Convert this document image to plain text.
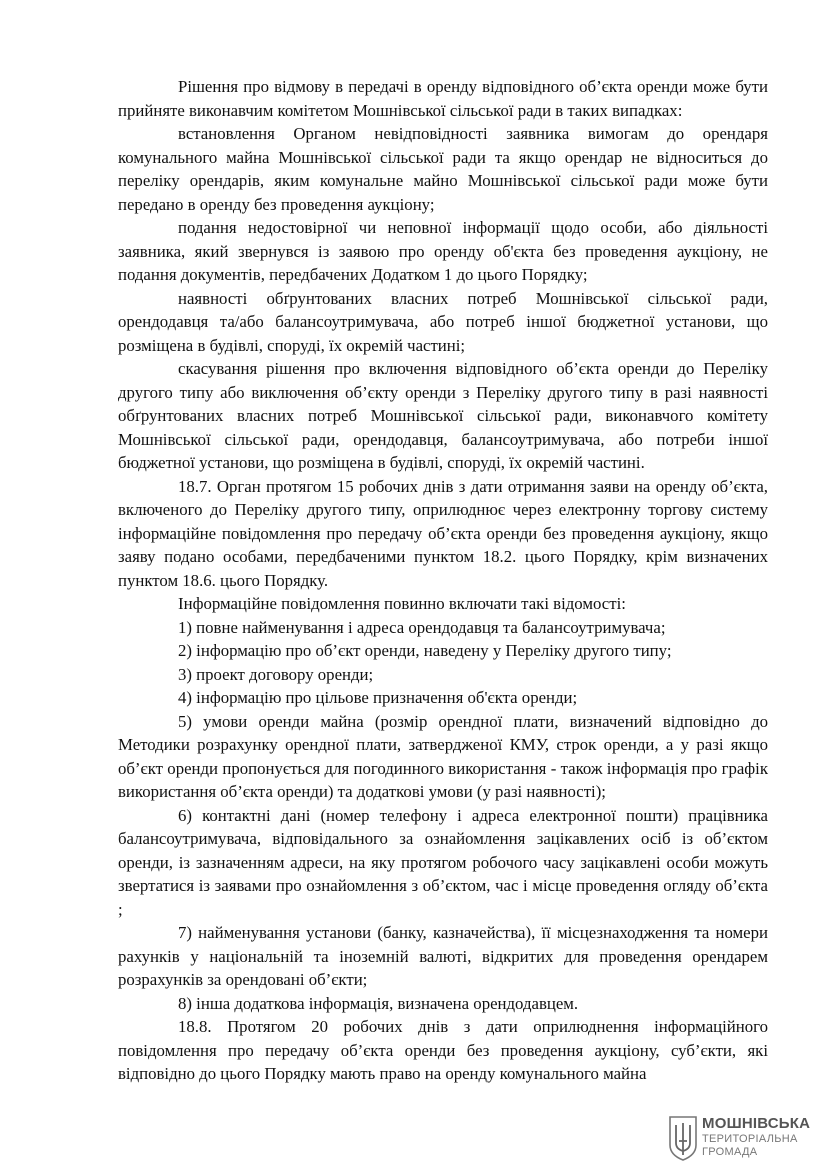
Рішення про відмову в передачі в оренду відповідного об’єкта оренди може бути прийняте виконавчим комітетом Мошнівської сільської ради в таких випадках:

встановлення Органом невідповідності заявника вимогам до орендаря комунального майна Мошнівської сільської ради та якщо орендар не відноситься до переліку орендарів, яким комунальне майно Мошнівської сільської ради може бути передано в оренду без проведення аукціону;

подання недостовірної чи неповної інформації щодо особи, або діяльності заявника, який звернувся із заявою про оренду об'єкта без проведення аукціону, не подання документів, передбачених Додатком 1 до цього Порядку;

наявності обґрунтованих власних потреб Мошнівської сільської ради, орендодавця та/або балансоутримувача, або потреб іншої бюджетної установи, що розміщена в будівлі, споруді, їх окремій частині;

скасування рішення про включення відповідного об’єкта оренди до Переліку другого типу або виключення об’єкту оренди з Переліку другого типу в разі наявності обґрунтованих власних потреб Мошнівської сільської ради, виконавчого комітету Мошнівської сільської ради, орендодавця, балансоутримувача, або потреби іншої бюджетної установи, що розміщена в будівлі, споруді, їх окремій частині.

18.7. Орган протягом 15 робочих днів з дати отримання заяви на оренду об’єкта, включеного до Переліку другого типу, оприлюднює через електронну торгову систему інформаційне повідомлення про передачу об’єкта оренди без проведення аукціону, якщо заяву подано особами, передбаченими пунктом 18.2. цього Порядку, крім визначених пунктом 18.6. цього Порядку.

Інформаційне повідомлення повинно включати такі відомості:

1) повне найменування і адреса орендодавця та балансоутримувача;

2) інформацію про об’єкт оренди, наведену у Переліку другого типу;

3) проект договору оренди;

4) інформацію про цільове призначення об'єкта оренди;

5) умови оренди майна (розмір орендної плати, визначений відповідно до Методики розрахунку орендної плати, затвердженої КМУ, строк оренди, а у разі якщо об’єкт оренди пропонується для погодинного використання - також інформація про графік використання об’єкта оренди) та додаткові умови (у разі наявності);

6) контактні дані (номер телефону і адреса електронної пошти) працівника балансоутримувача, відповідального за ознайомлення зацікавлених осіб із об’єктом оренди, із зазначенням адреси, на яку протягом робочого часу зацікавлені особи можуть звертатися із заявами про ознайомлення з об’єктом, час і місце проведення огляду об’єкта ;

7) найменування установи (банку, казначейства), її місцезнаходження та номери рахунків у національній та іноземній валюті, відкритих для проведення орендарем розрахунків за орендовані об’єкти;

8) інша додаткова інформація, визначена орендодавцем.

18.8. Протягом 20 робочих днів з дати оприлюднення інформаційного повідомлення про передачу об’єкта оренди без проведення аукціону, суб’єкти, які відповідно до цього Порядку мають право на оренду комунального майна

МОШНІВСЬКА
ТЕРИТОРІАЛЬНА
ГРОМАДА
